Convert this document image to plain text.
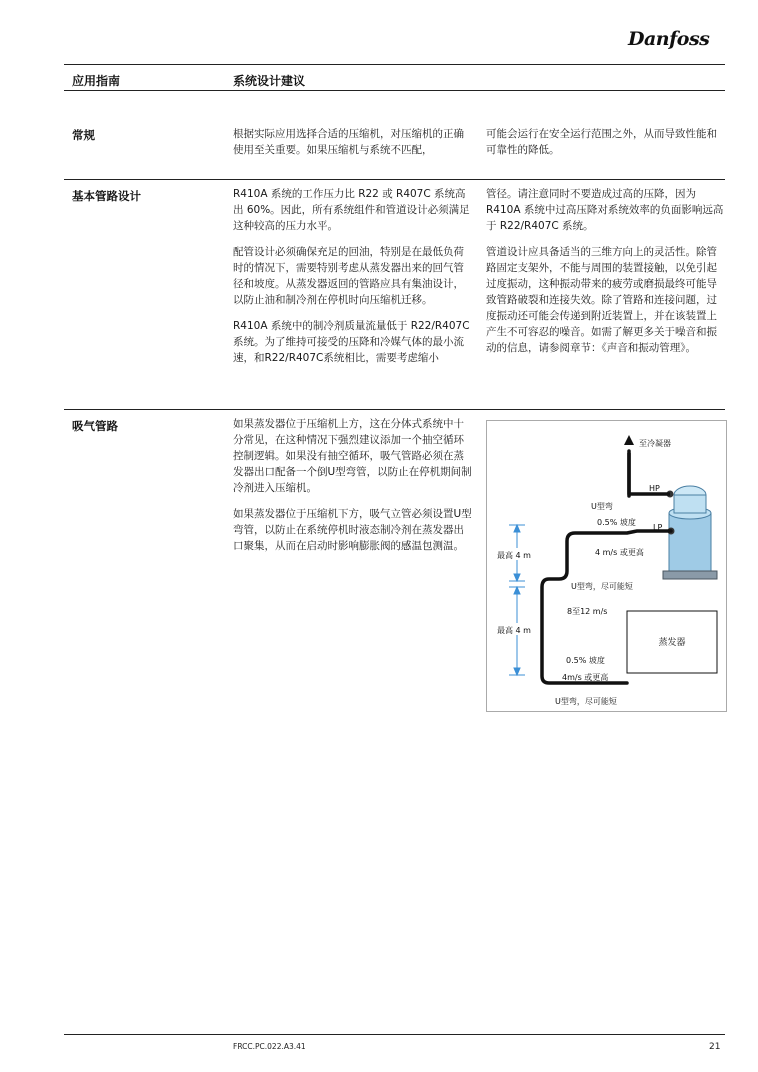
Danfoss
应用指南	系统设计建议
常规	根据实际应用选择合适的压缩机，对压缩机的正确使用至关重要。如果压缩机与系统不匹配，

可能会运行在安全运行范围之外，从而导致性能和可靠性的降低。

基本管路设计	R410A 系统的工作压力比 R22 或 R407C 系统高出 60%。因此，所有系统组件和管道设计必须满足这种较高的压力水平。

配管设计必须确保充足的回油，特别是在最低负荷时的情况下，需要特别考虑从蒸发器出来的回气管径和坡度。从蒸发器返回的管路应具有集油设计，以防止油和制冷剂在停机时向压缩机迁移。

R410A 系统中的制冷剂质量流量低于 R22/R407C 系统。为了维持可接受的压降和冷媒气体的最小流速，和R22/R407C系统相比，需要考虑缩小

管径。请注意同时不要造成过高的压降，因为 R410A 系统中过高压降对系统效率的负面影响远高于 R22/R407C 系统。

管道设计应具备适当的三维方向上的灵活性。除管路固定支架外，不能与周围的装置接触，以免引起过度振动，这种振动带来的疲劳或磨损最终可能导致管路破裂和连接失效。除了管路和连接问题，过度振动还可能会传递到附近装置上，并在该装置上产生不可容忍的噪音。如需了解更多关于噪音和振动的信息，请参阅章节：《声音和振动管理》。

吸气管路	如果蒸发器位于压缩机上方，这在分体式系统中十分常见，在这种情况下强烈建议添加一个抽空循环控制逻辑。如果没有抽空循环，吸气管路必须在蒸发器出口配备一个倒U型弯管，以防止在停机期间制冷剂进入压缩机。

如果蒸发器位于压缩机下方，吸气立管必须设置U型弯管，以防止在系统停机时液态制冷剂在蒸发器出口聚集，从而在启动时影响膨胀阀的感温包测温。

蒸发器
至冷凝器
HP
LP
U型弯
0.5% 坡度
4 m/s 或更高
最高 4 m
U型弯，尽可能短
8至12 m/s
最高 4 m
0.5% 坡度
4m/s 或更高
U型弯，尽可能短
FRCC.PC.022.A3.41	21
